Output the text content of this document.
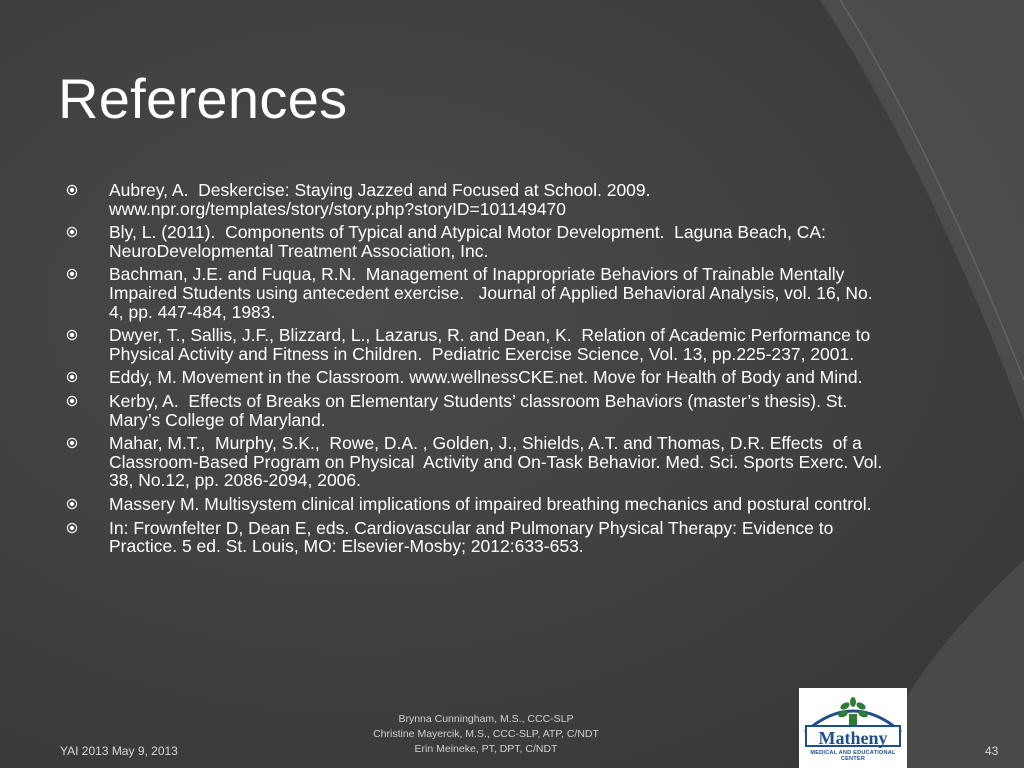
References
Aubrey, A.  Deskercise: Staying Jazzed and Focused at School. 2009. www.npr.org/templates/story/story.php?storyID=101149470
Bly, L. (2011).  Components of Typical and Atypical Motor Development.  Laguna Beach, CA: NeuroDevelopmental Treatment Association, Inc.
Bachman, J.E. and Fuqua, R.N.  Management of Inappropriate Behaviors of Trainable Mentally Impaired Students using antecedent exercise.   Journal of Applied Behavioral Analysis, vol. 16, No. 4, pp. 447-484, 1983.
Dwyer, T., Sallis, J.F., Blizzard, L., Lazarus, R. and Dean, K.  Relation of Academic Performance to Physical Activity and Fitness in Children.  Pediatric Exercise Science, Vol. 13, pp.225-237, 2001.
Eddy, M. Movement in the Classroom. www.wellnessCKE.net. Move for Health of Body and Mind.
Kerby, A.  Effects of Breaks on Elementary Students’ classroom Behaviors (master’s thesis). St. Mary’s College of Maryland.
Mahar, M.T.,  Murphy, S.K.,  Rowe, D.A. , Golden, J., Shields, A.T. and Thomas, D.R. Effects  of a Classroom-Based Program on Physical  Activity and On-Task Behavior. Med. Sci. Sports Exerc. Vol. 38, No.12, pp. 2086-2094, 2006.
Massery M. Multisystem clinical implications of impaired breathing mechanics and postural control.
In: Frownfelter D, Dean E, eds. Cardiovascular and Pulmonary Physical Therapy: Evidence to Practice. 5 ed. St. Louis, MO: Elsevier-Mosby; 2012:633-653.
YAI 2013 May 9, 2013
Brynna Cunningham, M.S., CCC-SLP
Christine Mayercik, M.S., CCC-SLP, ATP, C/NDT
Erin Meineke, PT, DPT, C/NDT
Matheny
MEDICAL AND EDUCATIONAL CENTER
43
